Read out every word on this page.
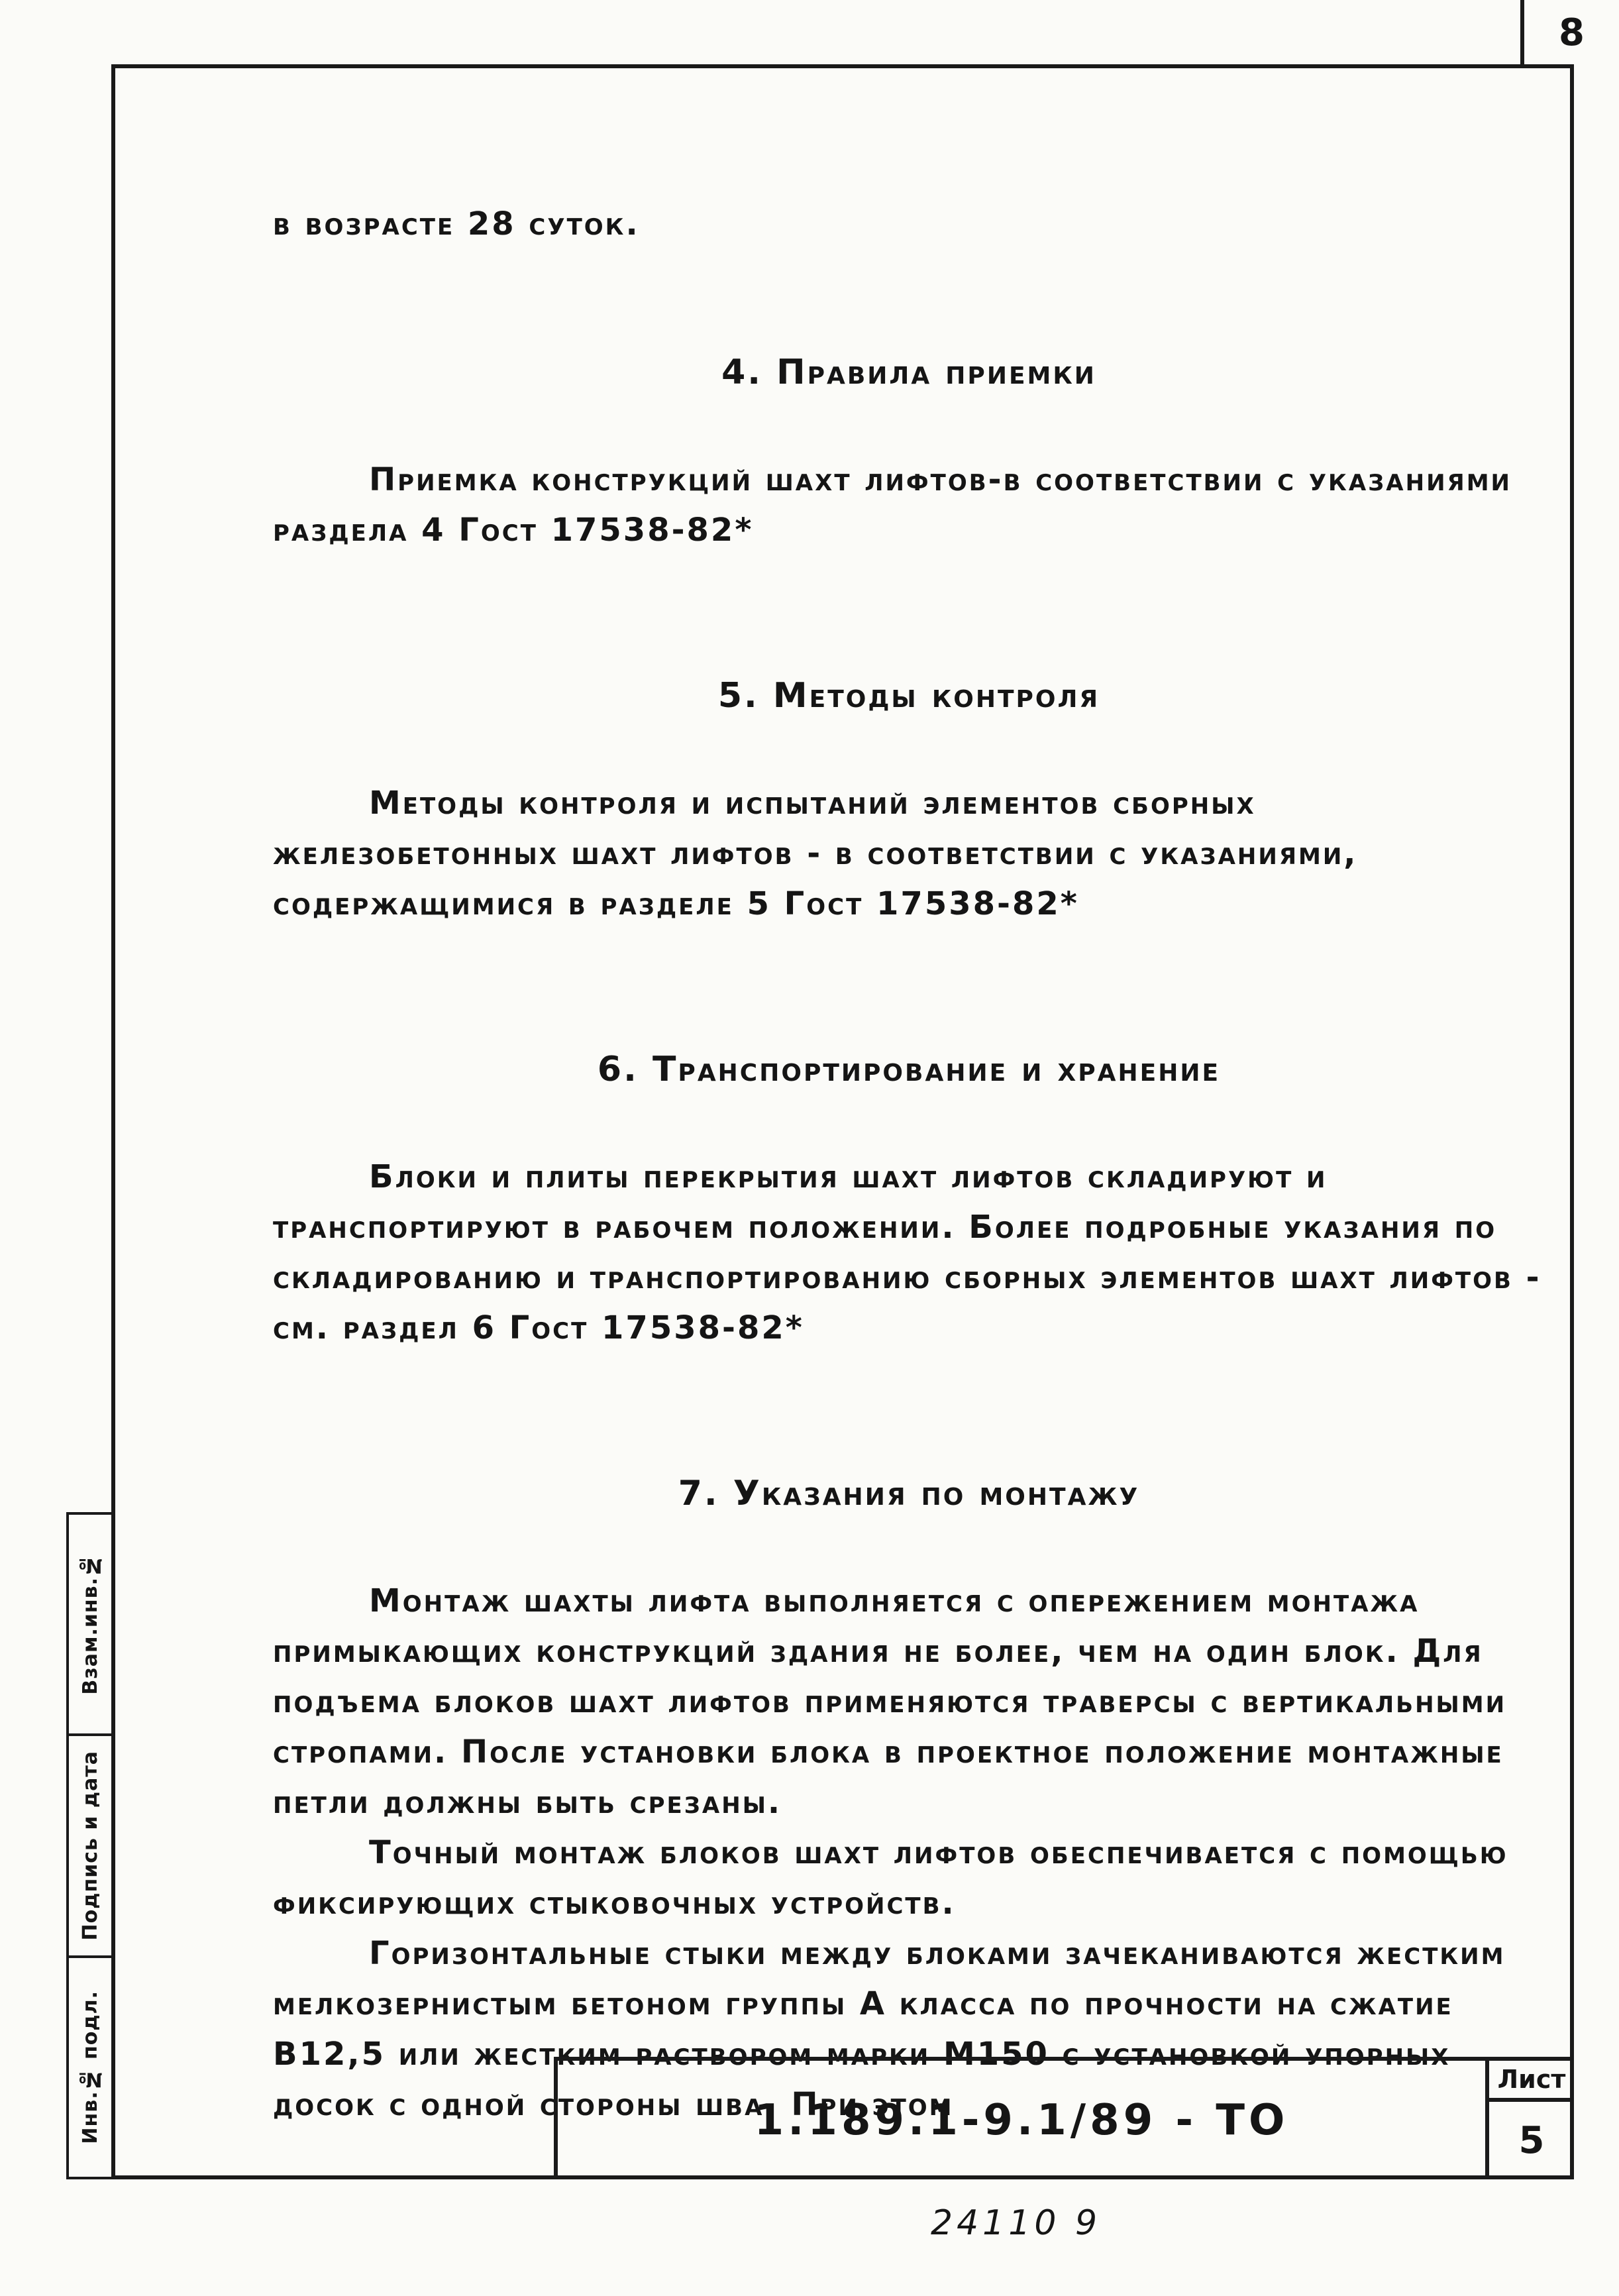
8

в возрасте 28 суток.

4. Правила приемки

Приемка конструкций шахт лифтов-в соответствии с указаниями раздела 4 Гост 17538-82*

5. Методы контроля

Методы контроля и испытаний элементов сборных железобетонных шахт лифтов - в соответствии с указаниями, содержащимися в разделе 5 Гост 17538-82*

6. Транспортирование и хранение

Блоки и плиты перекрытия шахт лифтов складируют и транспортируют в рабочем положении. Более подробные указания по складированию и транспортированию сборных элементов шахт лифтов - см. раздел 6 Гост 17538-82*

7. Указания по монтажу

Монтаж шахты лифта выполняется с опережением монтажа примыкающих конструкций здания не более, чем на один блок. Для подъема блоков шахт лифтов применяются траверсы с вертикальными стропами. После установки блока в проектное положение монтажные петли должны быть срезаны.

Точный монтаж блоков шахт лифтов обеспечивается с помощью фиксирующих стыковочных устройств.

Горизонтальные стыки между блоками зачеканиваются жестким мелкозернистым бетоном группы А класса по прочности на сжатие В12,5 или жестким раствором марки М150 с установкой упорных досок с одной стороны шва. При этом

Взам.инв.№
Подпись и дата
Инв.№ подл.	1.189.1-9.1/89 - ТО
Лист
5
24110 9
